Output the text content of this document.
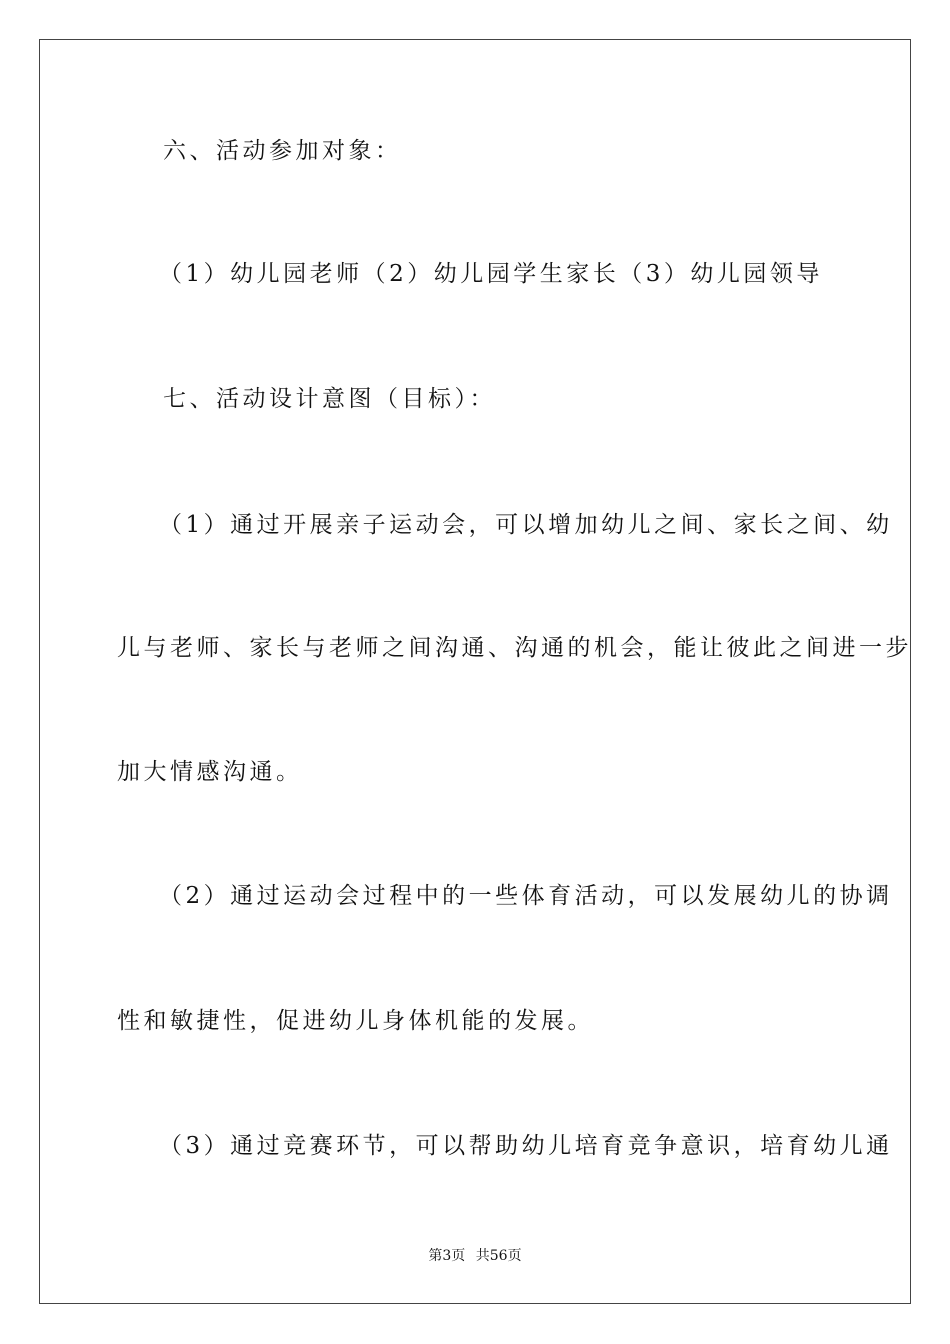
六、活动参加对象：
（1）幼儿园老师（2）幼儿园学生家长（3）幼儿园领导
七、活动设计意图（目标）：
（1）通过开展亲子运动会，可以增加幼儿之间、家长之间、幼
儿与老师、家长与老师之间沟通、沟通的机会，能让彼此之间进一步
加大情感沟通。
（2）通过运动会过程中的一些体育活动，可以发展幼儿的协调
性和敏捷性，促进幼儿身体机能的发展。
（3）通过竞赛环节，可以帮助幼儿培育竞争意识，培育幼儿通
第3页 共56页
